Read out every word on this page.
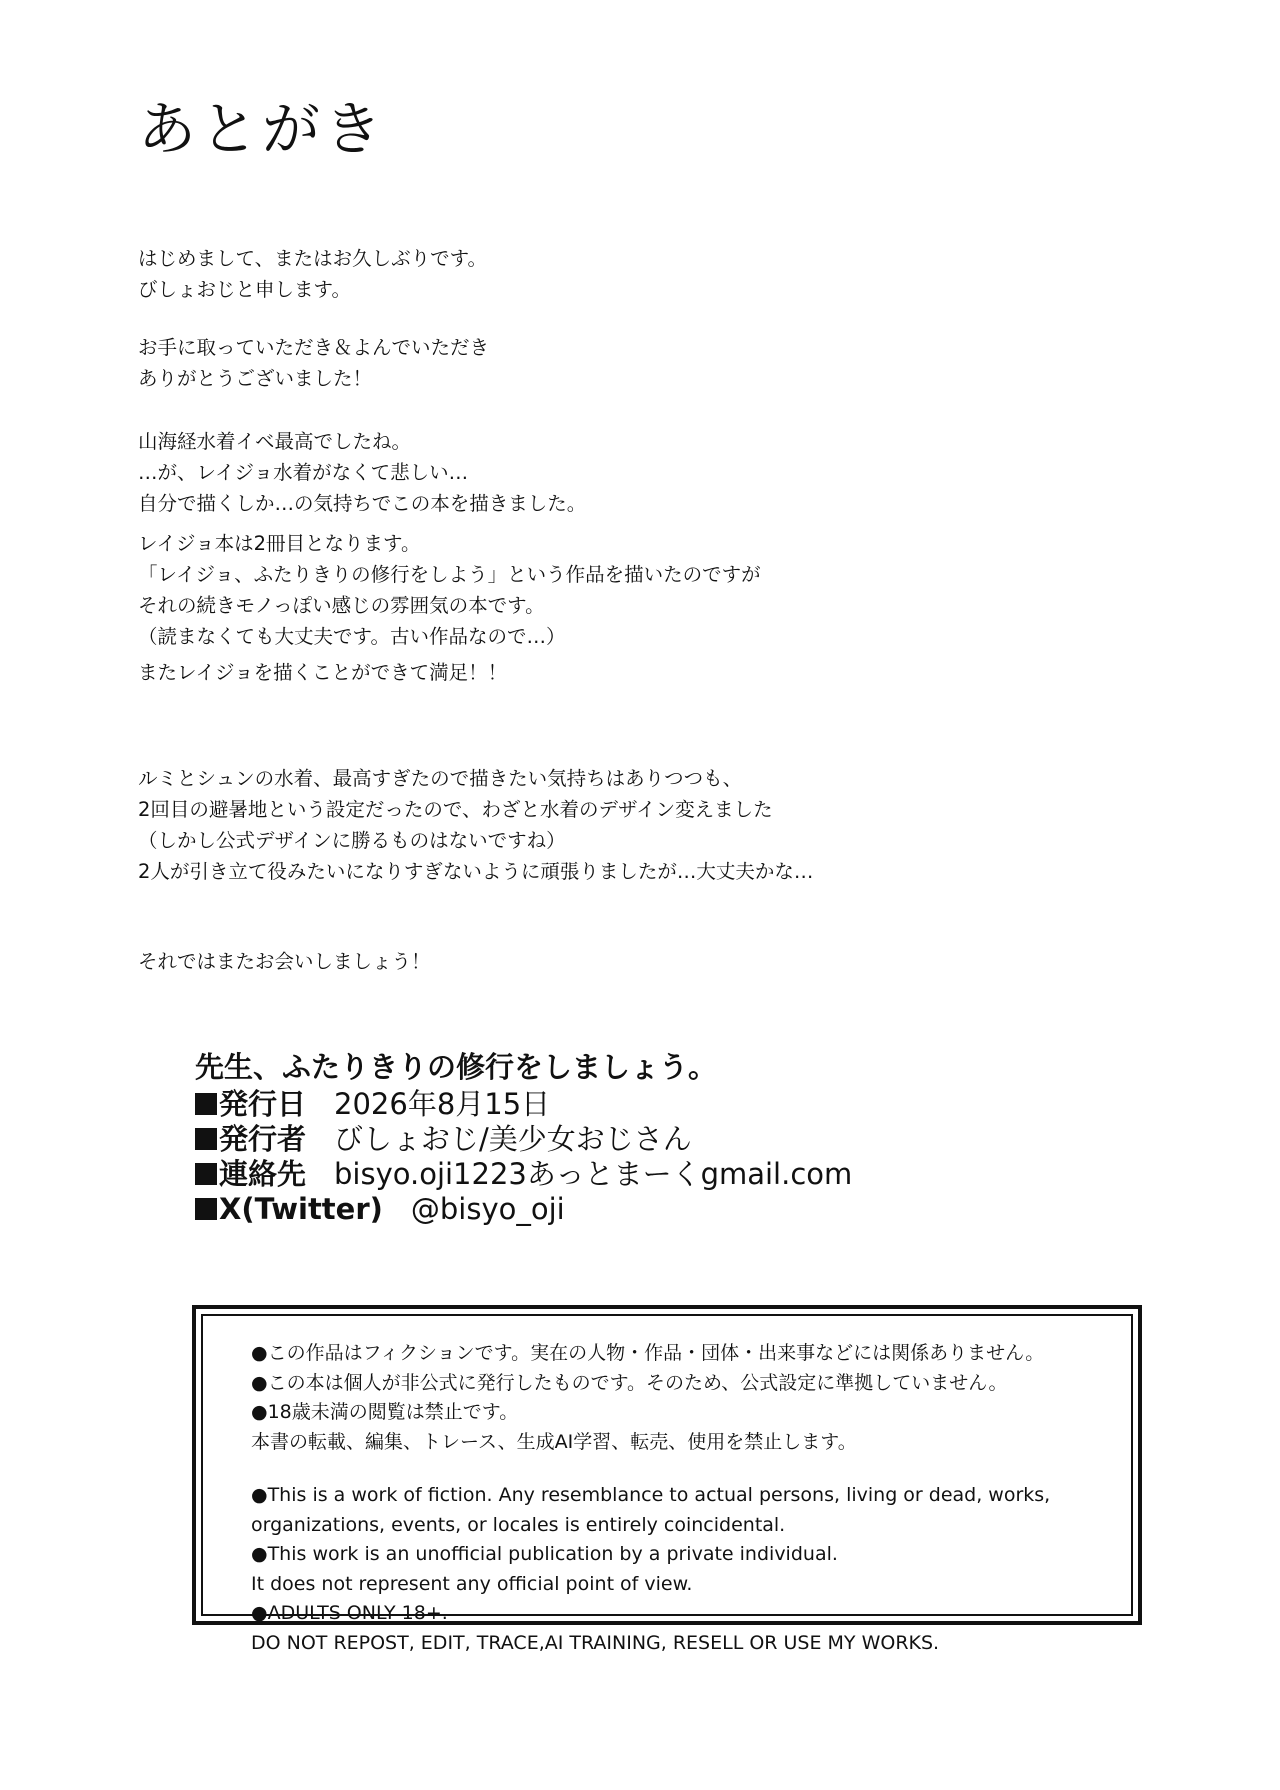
あとがき
はじめまして、またはお久しぶりです。
びしょおじと申します。
お手に取っていただき＆よんでいただき
ありがとうございました！
山海経水着イベ最高でしたね。
…が、レイジョ水着がなくて悲しい…
自分で描くしか…の気持ちでこの本を描きました。
レイジョ本は2冊目となります。
「レイジョ、ふたりきりの修行をしよう」という作品を描いたのですが
それの続きモノっぽい感じの雰囲気の本です。
（読まなくても大丈夫です。古い作品なので…）
またレイジョを描くことができて満足！！
ルミとシュンの水着、最高すぎたので描きたい気持ちはありつつも、
2回目の避暑地という設定だったので、わざと水着のデザイン変えました
（しかし公式デザインに勝るものはないですね）
2人が引き立て役みたいになりすぎないように頑張りましたが…大丈夫かな…
それではまたお会いしましょう！
先生、ふたりきりの修行をしましょう。
発行日 2026年8月15日
発行者 びしょおじ/美少女おじさん
連絡先 bisyo.oji1223あっとまーくgmail.com
X(Twitter) @bisyo_oji
●この作品はフィクションです。実在の人物・作品・団体・出来事などには関係ありません。
●この本は個人が非公式に発行したものです。そのため、公式設定に準拠していません。
●18歳未満の閲覧は禁止です。
本書の転載、編集、トレース、生成AI学習、転売、使用を禁止します。
●This is a work of fiction. Any resemblance to actual persons, living or dead, works,
organizations, events, or locales is entirely coincidental.
●This work is an unofficial publication by a private individual.
It does not represent any official point of view.
●ADULTS ONLY 18+.
DO NOT REPOST, EDIT, TRACE,AI TRAINING, RESELL OR USE MY WORKS.
